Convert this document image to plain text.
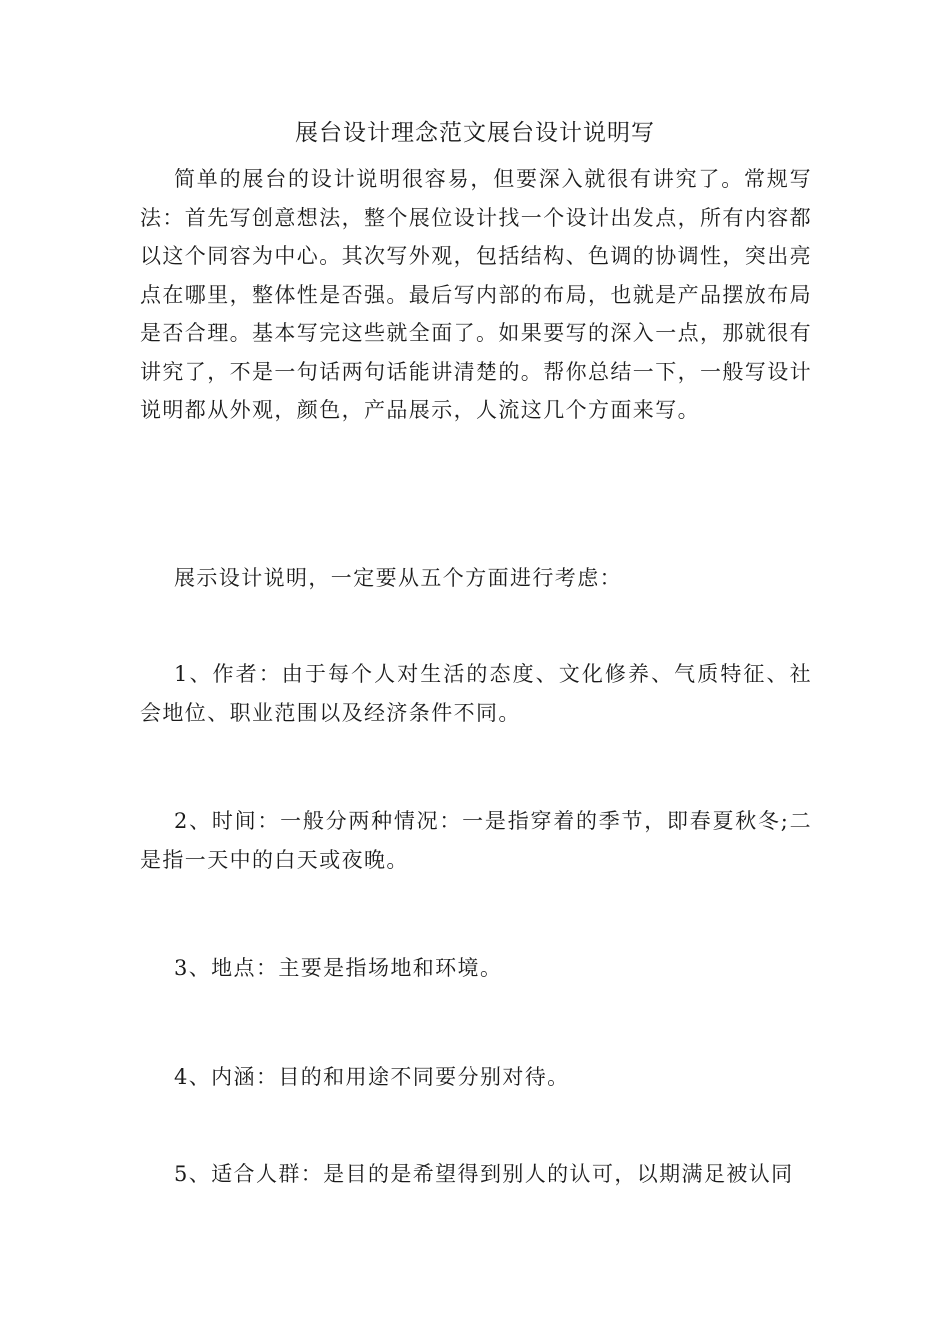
展台设计理念范文展台设计说明写

简单的展台的设计说明很容易，但要深入就很有讲究了。常规写法：首先写创意想法，整个展位设计找一个设计出发点，所有内容都以这个同容为中心。其次写外观，包括结构、色调的协调性，突出亮点在哪里，整体性是否强。最后写内部的布局，也就是产品摆放布局是否合理。基本写完这些就全面了。如果要写的深入一点，那就很有讲究了，不是一句话两句话能讲清楚的。帮你总结一下，一般写设计说明都从外观，颜色，产品展示，人流这几个方面来写。

展示设计说明，一定要从五个方面进行考虑：

1、作者：由于每个人对生活的态度、文化修养、气质特征、社会地位、职业范围以及经济条件不同。

2、时间：一般分两种情况：一是指穿着的季节，即春夏秋冬;二是指一天中的白天或夜晚。

3、地点：主要是指场地和环境。

4、内涵：目的和用途不同要分别对待。

5、适合人群：是目的是希望得到别人的认可，以期满足被认同
